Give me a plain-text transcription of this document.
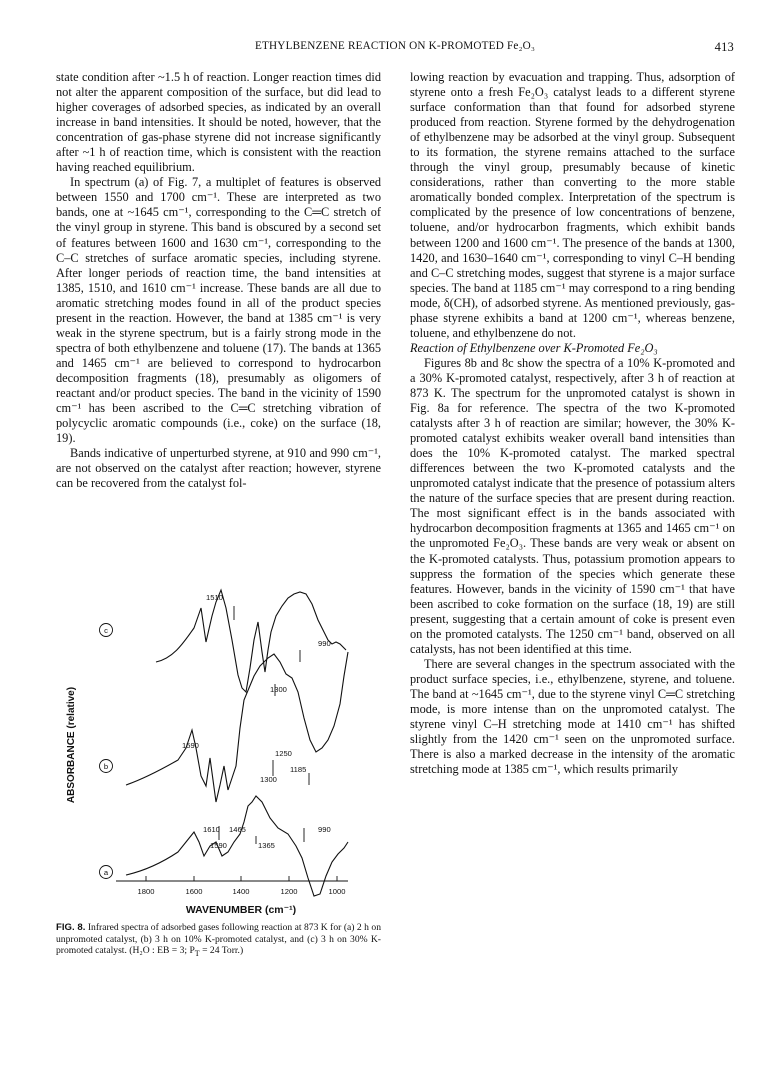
ETHYLBENZENE REACTION ON K-PROMOTED Fe₂O₃	413

state condition after ~1.5 h of reaction. Longer reaction times did not alter the apparent composition of the surface, but did lead to higher coverages of adsorbed species, as indicated by an overall increase in band intensities. It should be noted, however, that the concentration of gas-phase styrene did not increase significantly after ~1 h of reaction time, which is consistent with the reaction having reached equilibrium.

In spectrum (a) of Fig. 7, a multiplet of features is observed between 1550 and 1700 cm⁻¹. These are interpreted as two bands, one at ~1645 cm⁻¹, corresponding to the C═C stretch of the vinyl group in styrene. This band is obscured by a second set of features between 1600 and 1630 cm⁻¹, corresponding to the C–C stretches of surface aromatic species, including styrene. After longer periods of reaction time, the band intensities at 1385, 1510, and 1610 cm⁻¹ increase. These bands are all due to aromatic stretching modes found in all of the product species present in the reaction. However, the band at 1385 cm⁻¹ is very weak in the styrene spectrum, but is a fairly strong mode in the spectra of both ethylbenzene and toluene (17). The bands at 1365 and 1465 cm⁻¹ are believed to correspond to hydrocarbon decomposition fragments (18), presumably as oligomers of reactant and/or product species. The band in the vicinity of 1590 cm⁻¹ has been ascribed to the C═C stretching vibration of polycyclic aromatic compounds (i.e., coke) on the surface (18, 19).

Bands indicative of unperturbed styrene, at 910 and 990 cm⁻¹, are not observed on the catalyst after reaction; however, styrene can be recovered from the catalyst fol-

lowing reaction by evacuation and trapping. Thus, adsorption of styrene onto a fresh Fe₂O₃ catalyst leads to a different styrene surface conformation than that found for adsorbed styrene produced from reaction. Styrene formed by the dehydrogenation of ethylbenzene may be adsorbed at the vinyl group. Subsequent to its formation, the styrene remains attached to the surface through the vinyl group, presumably because of kinetic considerations, rather than converting to the more stable aromatically bonded complex. Interpretation of the spectrum is complicated by the presence of low concentrations of benzene, toluene, and/or hydrocarbon fragments, which exhibit bands between 1200 and 1600 cm⁻¹. The presence of the bands at 1300, 1420, and 1630–1640 cm⁻¹, corresponding to vinyl C–H bending and C–C stretching modes, suggest that styrene is a major surface species. The band at 1185 cm⁻¹ may correspond to a ring bending mode, δ(CH), of adsorbed styrene. As mentioned previously, gas-phase styrene exhibits a band at 1200 cm⁻¹, whereas benzene, toluene, and ethylbenzene do not.

Reaction of Ethylbenzene over K-Promoted Fe₂O₃

Figures 8b and 8c show the spectra of a 10% K-promoted and a 30% K-promoted catalyst, respectively, after 3 h of reaction at 873 K. The spectrum for the unpromoted catalyst is shown in Fig. 8a for reference. The spectra of the two K-promoted catalysts after 3 h of reaction are similar; however, the 30% K-promoted catalyst exhibits weaker overall band intensities than does the 10% K-promoted catalyst. The marked spectral differences between the two K-promoted catalysts and the unpromoted catalyst indicate that the presence of potassium alters the nature of the surface species that are present during reaction. The most significant effect is in the bands associated with hydrocarbon decomposition fragments at 1365 and 1465 cm⁻¹ on the unpromoted Fe₂O₃. These bands are very weak or absent on the K-promoted catalysts. Thus, potassium promotion appears to suppress the formation of the species which generate these features. However, bands in the vicinity of 1590 cm⁻¹ that have been ascribed to coke formation on the surface (18, 19) are still present, suggesting that a certain amount of coke is present even on the promoted catalysts. The 1250 cm⁻¹ band, observed on all catalysts, has not been identified at this time.

There are several changes in the spectrum associated with the product surface species, i.e., ethylbenzene, styrene, and toluene. The band at ~1645 cm⁻¹, due to the styrene vinyl C═C stretching mode, is more intense than on the unpromoted catalyst. The styrene vinyl C–H stretching mode at 1410 cm⁻¹ has shifted slightly from the 1420 cm⁻¹ seen on the unpromoted surface. There is also a marked decrease in the intensity of the aromatic stretching mode at 1385 cm⁻¹, which results primarily

c
b
a
1510
1300
990
1590
1250
1300
1185
1610 1465
1590	1365
990
1800	1600	1400	1200	1000
WAVENUMBER (cm⁻¹)
ABSORBANCE (relative)
FIG. 8. Infrared spectra of adsorbed gases following reaction at 873 K for (a) 2 h on unpromoted catalyst, (b) 3 h on 10% K-promoted catalyst, and (c) 3 h on 30% K-promoted catalyst. (H₂O : EB = 3; $P_T = 24$ Torr.)
